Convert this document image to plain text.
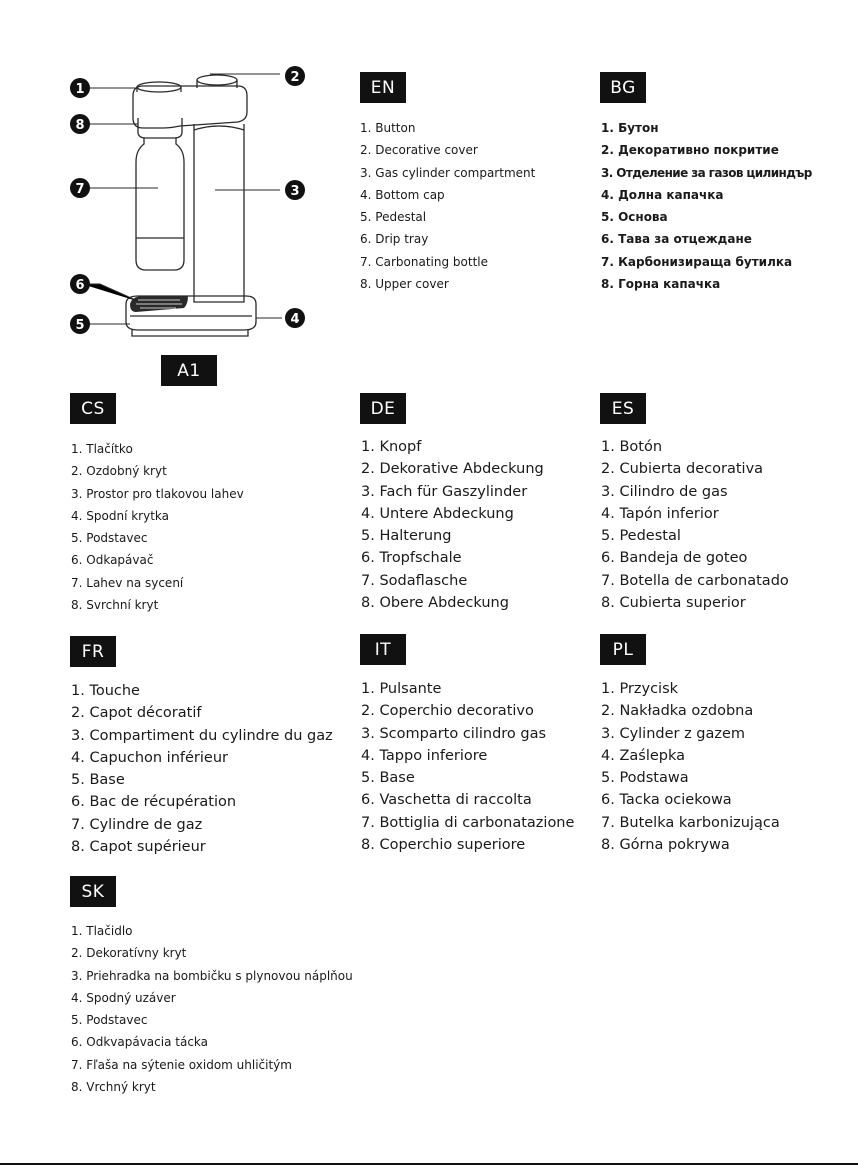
1
2
3
4
5
6
7
8
A1
EN
1. Button
2. Decorative cover
3. Gas cylinder compartment
4. Bottom cap
5. Pedestal
6. Drip tray
7. Carbonating bottle
8. Upper cover
BG
1. Бутон
2. Декоративно покритие
3. Отделение за газов цилиндър
4. Долна капачка
5. Основа
6. Тава за отцеждане
7. Карбонизираща бутилка
8. Горна капачка
CS
1. Tlačítko
2. Ozdobný kryt
3. Prostor pro tlakovou lahev
4. Spodní krytka
5. Podstavec
6. Odkapávač
7. Lahev na sycení
8. Svrchní kryt
DE
1. Knopf
2. Dekorative Abdeckung
3. Fach für Gaszylinder
4. Untere Abdeckung
5. Halterung
6. Tropfschale
7. Sodaflasche
8. Obere Abdeckung
ES
1. Botón
2. Cubierta decorativa
3. Cilindro de gas
4. Tapón inferior
5. Pedestal
6. Bandeja de goteo
7. Botella de carbonatado
8. Cubierta superior
FR
1. Touche
2. Capot décoratif
3. Compartiment du cylindre du gaz
4. Capuchon inférieur
5. Base
6. Bac de récupération
7. Cylindre de gaz
8. Capot supérieur
IT
1. Pulsante
2. Coperchio decorativo
3. Scomparto cilindro gas
4. Tappo inferiore
5. Base
6. Vaschetta di raccolta
7. Bottiglia di carbonatazione
8. Coperchio superiore
PL
1. Przycisk
2. Nakładka ozdobna
3. Cylinder z gazem
4. Zaślepka
5. Podstawa
6. Tacka ociekowa
7. Butelka karbonizująca
8. Górna pokrywa
SK
1. Tlačidlo
2. Dekoratívny kryt
3. Priehradka na bombičku s plynovou náplňou
4. Spodný uzáver
5. Podstavec
6. Odkvapávacia tácka
7. Fľaša na sýtenie oxidom uhličitým
8. Vrchný kryt
